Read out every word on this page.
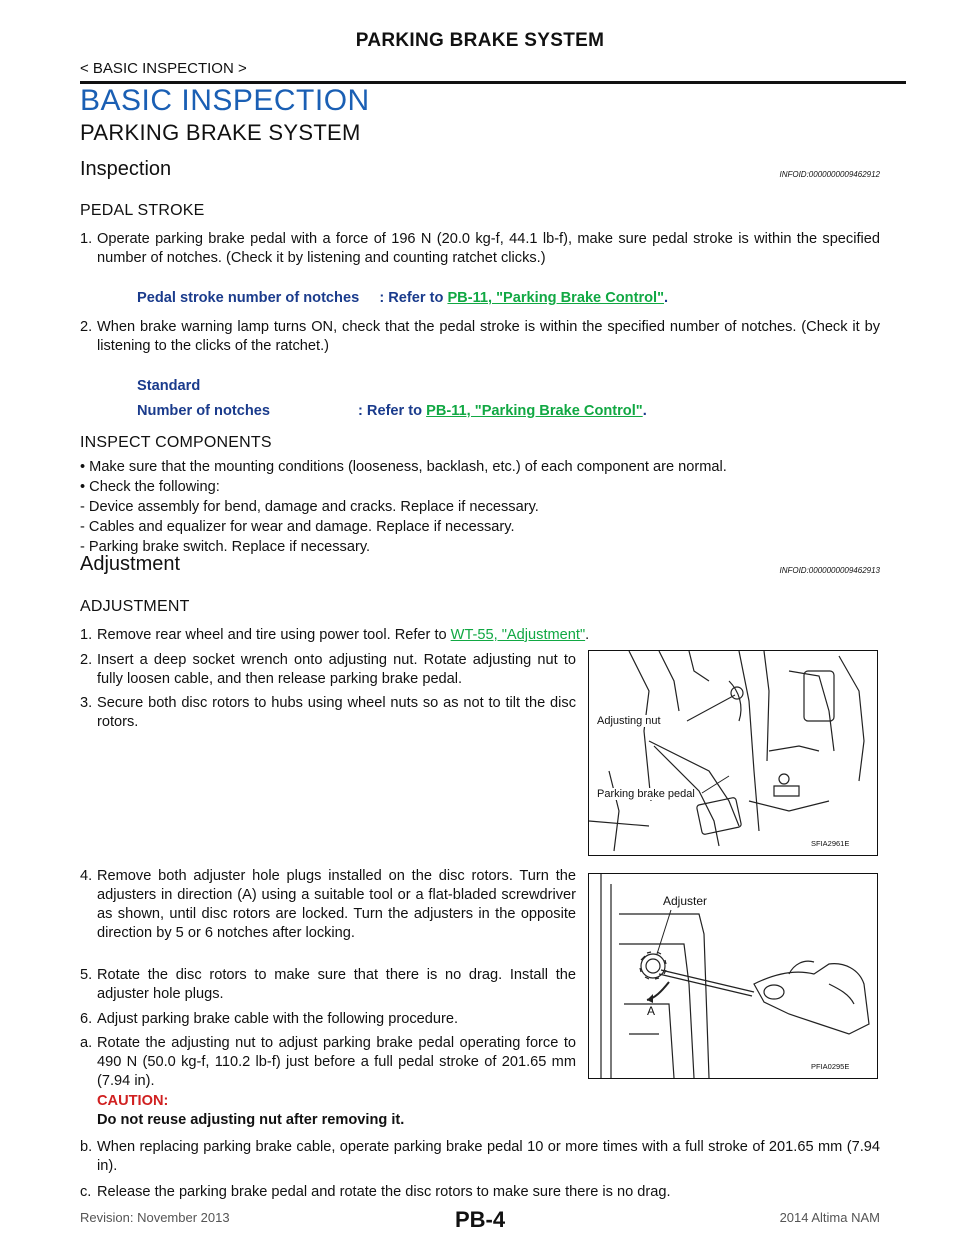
PARKING BRAKE SYSTEM
< BASIC INSPECTION >
BASIC INSPECTION
PARKING BRAKE SYSTEM
Inspection	INFOID:0000000009462912
PEDAL STROKE
1. Operate parking brake pedal with a force of 196 N (20.0 kg-f, 44.1 lb-f), make sure pedal stroke is within the specified number of notches. (Check it by listening and counting ratchet clicks.)
Pedal stroke number of notches : Refer to PB-11, "Parking Brake Control".
2. When brake warning lamp turns ON, check that the pedal stroke is within the specified number of notches. (Check it by listening to the clicks of the ratchet.)
Standard
Number of notches	: Refer to PB-11, "Parking Brake Control".
INSPECT COMPONENTS
• Make sure that the mounting conditions (looseness, backlash, etc.) of each component are normal.
• Check the following:
- Device assembly for bend, damage and cracks. Replace if necessary.
- Cables and equalizer for wear and damage. Replace if necessary.
- Parking brake switch. Replace if necessary.
Adjustment	INFOID:0000000009462913
ADJUSTMENT
1. Remove rear wheel and tire using power tool. Refer to WT-55, "Adjustment".
2. Insert a deep socket wrench onto adjusting nut. Rotate adjusting nut to fully loosen cable, and then release parking brake pedal.
3. Secure both disc rotors to hubs using wheel nuts so as not to tilt the disc rotors.	Adjusting nut
Parking brake pedal
SFIA2961E
4. Remove both adjuster hole plugs installed on the disc rotors. Turn the adjusters in direction (A) using a suitable tool or a flat-bladed screwdriver as shown, until disc rotors are locked. Turn the adjusters in the opposite direction by 5 or 6 notches after locking.
5. Rotate the disc rotors to make sure that there is no drag. Install the adjuster hole plugs.
6. Adjust parking brake cable with the following procedure.
a. Rotate the adjusting nut to adjust parking brake pedal operating force to 490 N (50.0 kg-f, 110.2 lb-f) just before a full pedal stroke of 201.65 mm (7.94 in).
CAUTION:
Do not reuse adjusting nut after removing it.
Adjuster
A
PFIA0295E
b. When replacing parking brake cable, operate parking brake pedal 10 or more times with a full stroke of 201.65 mm (7.94 in).
c. Release the parking brake pedal and rotate the disc rotors to make sure there is no drag.
Revision: November 2013	PB-4	2014 Altima NAM
